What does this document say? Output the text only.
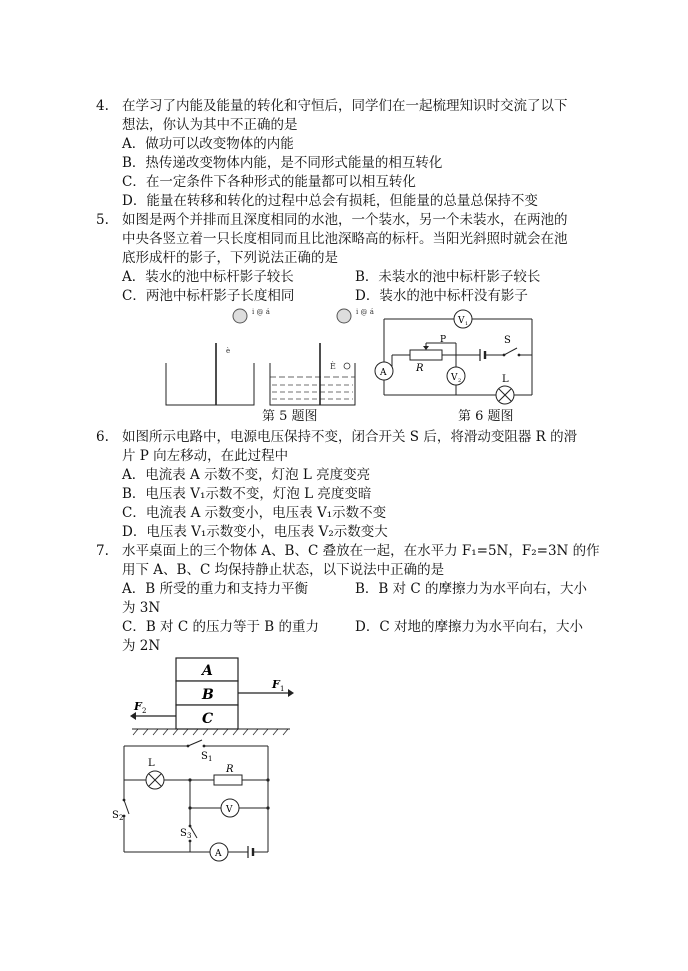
4. 在学习了内能及能量的转化和守恒后，同学们在一起梳理知识时交流了以下
想法，你认为其中不正确的是
A．做功可以改变物体的内能
B．热传递改变物体内能，是不同形式能量的相互转化
C．在一定条件下各种形式的能量都可以相互转化
D．能量在转移和转化的过程中总会有损耗，但能量的总量总保持不变
5. 如图是两个并排而且深度相同的水池，一个装水，另一个未装水，在两池的
中央各竖立着一只长度相同而且比池深略高的标杆。当阳光斜照时就会在池
底形成杆的影子，下列说法正确的是
A．装水的池中标杆影子较长	B．未装水的池中标杆影子较长
C．两池中标杆影子长度相同	D．装水的池中标杆没有影子
i @ á	i @ á
è
È
第 5 题图
V 1
P
R
S
A	V 2	L
第 6 题图
6. 如图所示电路中，电源电压保持不变，闭合开关 S 后，将滑动变阻器 R 的滑
片 P 向左移动，在此过程中
A．电流表 A 示数不变，灯泡 L 亮度变亮
B．电压表 V₁示数不变，灯泡 L 亮度变暗
C．电流表 A 示数变小，电压表 V₁示数不变
D．电压表 V₁示数变小，电压表 V₂示数变大
7. 水平桌面上的三个物体 A、B、C 叠放在一起，在水平力 F₁=5N，F₂=3N 的作
用下 A、B、C 均保持静止状态，以下说法中正确的是
A．B 所受的重力和支持力平衡	B．B 对 C 的摩擦力为水平向右，大小
为 3N
C．B 对 C 的压力等于 B 的重力	D．C 对地的摩擦力为水平向右，大小
为 2N
A
B
C
F 1
F 2
S 1
S 2
L
R
V
S 3
A
